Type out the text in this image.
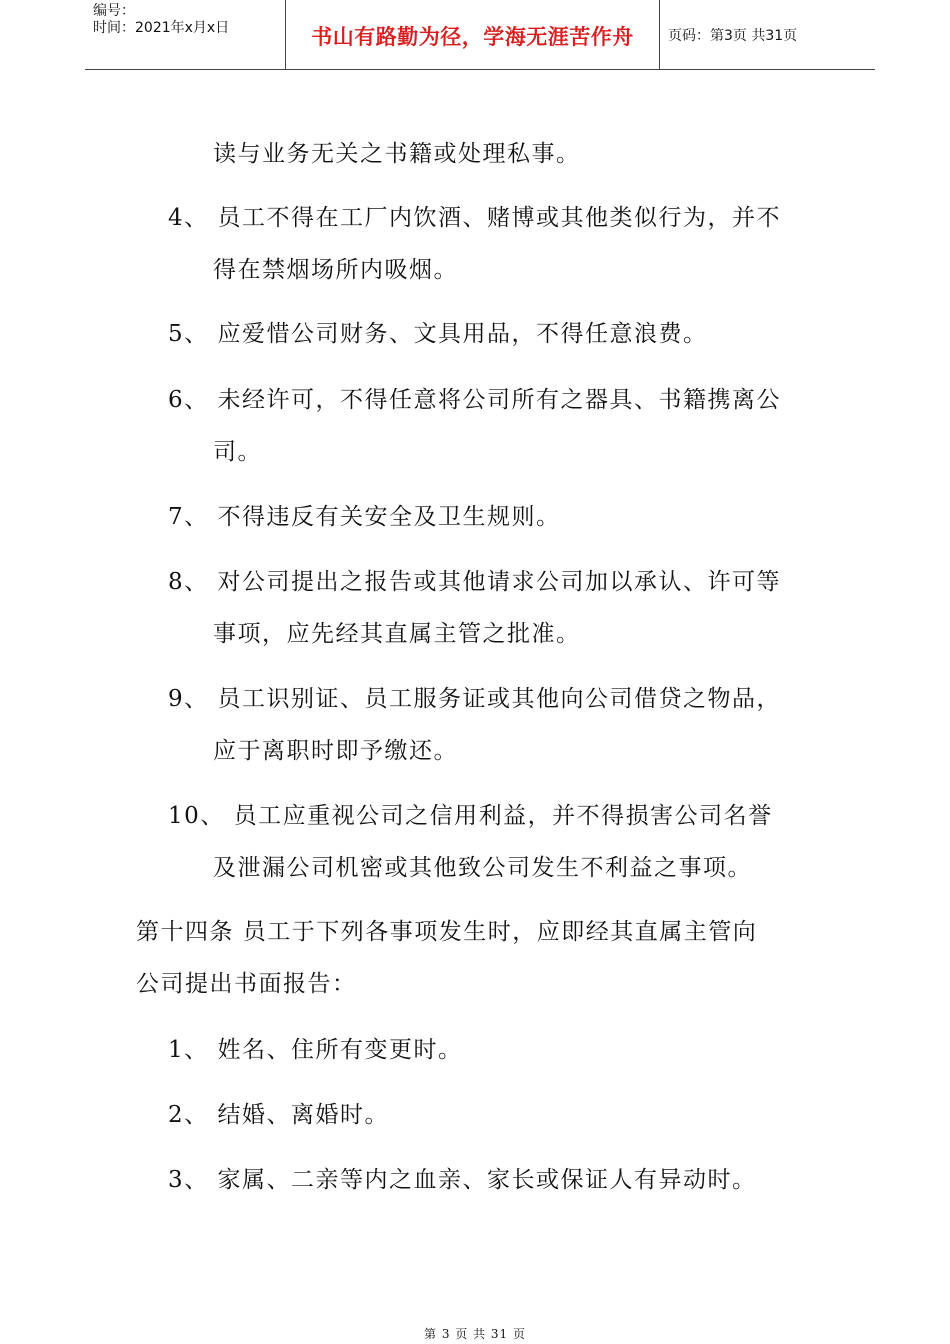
编号：
时间：2021年x月x日	书山有路勤为径，学海无涯苦作舟	页码：第3页 共31页
读与业务无关之书籍或处理私事。
4、 员工不得在工厂内饮酒、赌博或其他类似行为，并不
得在禁烟场所内吸烟。
5、 应爱惜公司财务、文具用品，不得任意浪费。
6、 未经许可，不得任意将公司所有之器具、书籍携离公
司。
7、 不得违反有关安全及卫生规则。
8、 对公司提出之报告或其他请求公司加以承认、许可等
事项，应先经其直属主管之批准。
9、 员工识别证、员工服务证或其他向公司借贷之物品，
应于离职时即予缴还。
10、 员工应重视公司之信用利益，并不得损害公司名誉
及泄漏公司机密或其他致公司发生不利益之事项。
第十四条 员工于下列各事项发生时，应即经其直属主管向
公司提出书面报告：
1、 姓名、住所有变更时。
2、 结婚、离婚时。
3、 家属、二亲等内之血亲、家长或保证人有异动时。
第 3 页 共 31 页
